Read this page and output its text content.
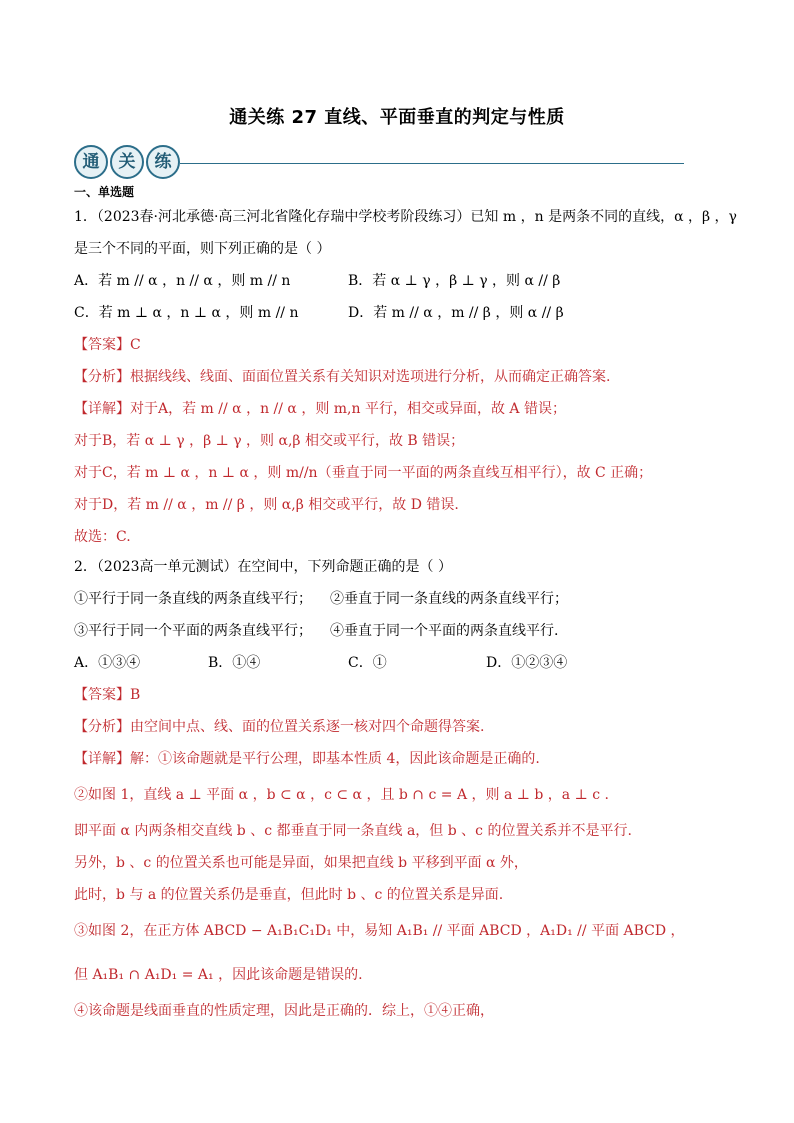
通关练 27 直线、平面垂直的判定与性质
通	关	练
一、单选题
1．（2023春·河北承德·高三河北省隆化存瑞中学校考阶段练习）已知 m ，n 是两条不同的直线，α ，β ，γ
是三个不同的平面，则下列正确的是（ ）
A．若 m // α ，n // α ，则 m // n	B．若 α ⊥ γ ，β ⊥ γ ，则 α // β
C．若 m ⊥ α ，n ⊥ α ，则 m // n	D．若 m // α ，m // β ，则 α // β
【答案】C
【分析】根据线线、线面、面面位置关系有关知识对选项进行分析，从而确定正确答案.
【详解】对于A，若 m // α ，n // α ，则 m,n 平行，相交或异面，故 A 错误；
对于B，若 α ⊥ γ ，β ⊥ γ ，则 α,β 相交或平行，故 B 错误；
对于C，若 m ⊥ α ，n ⊥ α ，则 m//n（垂直于同一平面的两条直线互相平行），故 C 正确；
对于D，若 m // α ，m // β ，则 α,β 相交或平行，故 D 错误.
故选：C.
2．（2023高一单元测试）在空间中，下列命题正确的是（ ）
①平行于同一条直线的两条直线平行； ②垂直于同一条直线的两条直线平行；
③平行于同一个平面的两条直线平行； ④垂直于同一个平面的两条直线平行.
A．①③④	B．①④	C．①	D．①②③④
【答案】B
【分析】由空间中点、线、面的位置关系逐一核对四个命题得答案.
【详解】解：①该命题就是平行公理，即基本性质 4，因此该命题是正确的.
②如图 1，直线 a ⊥ 平面 α ，b ⊂ α ，c ⊂ α ，且 b ∩ c = A ，则 a ⊥ b ，a ⊥ c .
即平面 α 内两条相交直线 b 、c 都垂直于同一条直线 a，但 b 、c 的位置关系并不是平行.
另外，b 、c 的位置关系也可能是异面，如果把直线 b 平移到平面 α 外，
此时，b 与 a 的位置关系仍是垂直，但此时 b 、c 的位置关系是异面.
③如图 2，在正方体 ABCD − A₁B₁C₁D₁ 中，易知 A₁B₁ // 平面 ABCD ，A₁D₁ // 平面 ABCD ，
但 A₁B₁ ∩ A₁D₁ = A₁ ，因此该命题是错误的.
④该命题是线面垂直的性质定理，因此是正确的．综上，①④正确，
